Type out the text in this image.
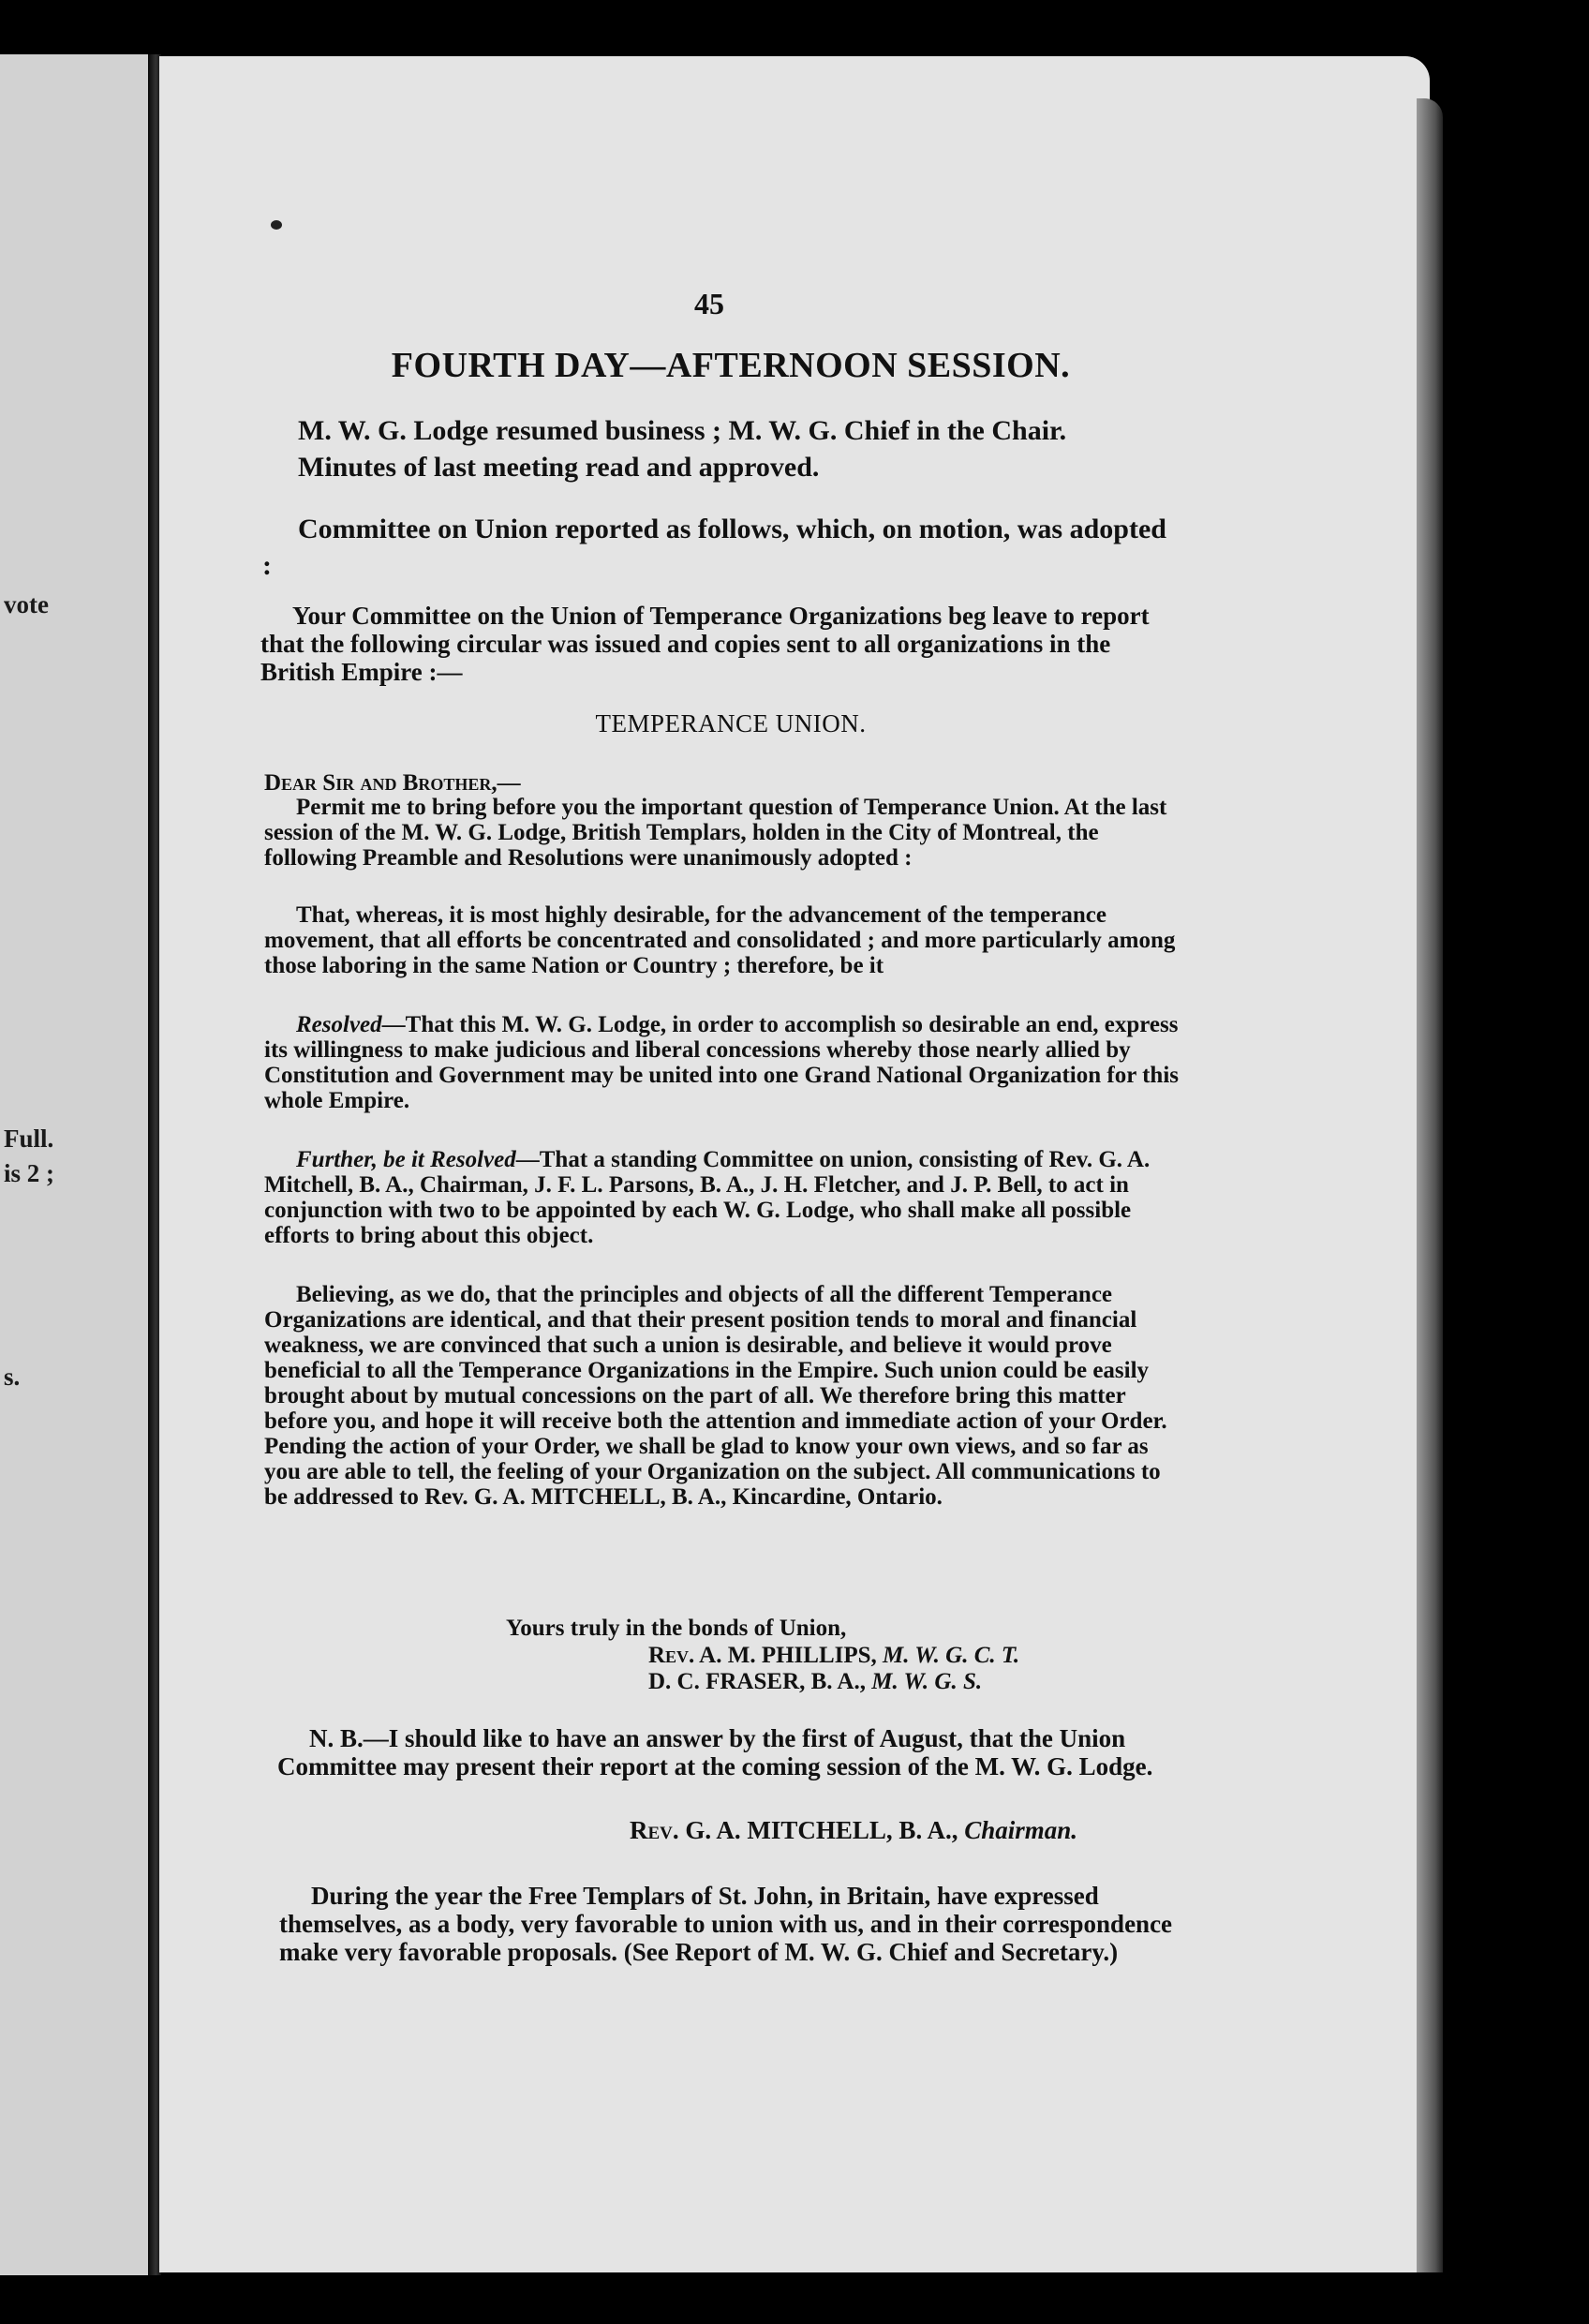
vote
Full.
is 2 ;
s.
45
FOURTH DAY—AFTERNOON SESSION.

M. W. G. Lodge resumed business ; M. W. G. Chief in the Chair. Minutes of last meeting read and approved.

Committee on Union reported as follows, which, on motion, was adopted :

Your Committee on the Union of Temperance Organizations beg leave to report that the following circular was issued and copies sent to all organizations in the British Empire :—

TEMPERANCE UNION.

Dear Sir and Brother,—

Permit me to bring before you the important question of Temperance Union. At the last session of the M. W. G. Lodge, British Templars, holden in the City of Montreal, the following Preamble and Resolutions were unanimously adopted :

That, whereas, it is most highly desirable, for the advancement of the temperance movement, that all efforts be concentrated and consolidated ; and more particularly among those laboring in the same Nation or Country ; therefore, be it

Resolved—That this M. W. G. Lodge, in order to accomplish so desirable an end, express its willingness to make judicious and liberal concessions whereby those nearly allied by Constitution and Government may be united into one Grand National Organization for this whole Empire.

Further, be it Resolved—That a standing Committee on union, consisting of Rev. G. A. Mitchell, B. A., Chairman, J. F. L. Parsons, B. A., J. H. Fletcher, and J. P. Bell, to act in conjunction with two to be appointed by each W. G. Lodge, who shall make all possible efforts to bring about this object.

Believing, as we do, that the principles and objects of all the different Temperance Organizations are identical, and that their present position tends to moral and financial weakness, we are convinced that such a union is desirable, and believe it would prove beneficial to all the Temperance Organizations in the Empire. Such union could be easily brought about by mutual concessions on the part of all. We therefore bring this matter before you, and hope it will receive both the attention and immediate action of your Order. Pending the action of your Order, we shall be glad to know your own views, and so far as you are able to tell, the feeling of your Organization on the subject. All communications to be addressed to Rev. G. A. MITCHELL, B. A., Kincardine, Ontario.

Yours truly in the bonds of Union,
Rev. A. M. PHILLIPS, M. W. G. C. T.
D. C. FRASER, B. A., M. W. G. S.

N. B.—I should like to have an answer by the first of August, that the Union Committee may present their report at the coming session of the M. W. G. Lodge.

Rev. G. A. MITCHELL, B. A., Chairman.

During the year the Free Templars of St. John, in Britain, have expressed themselves, as a body, very favorable to union with us, and in their correspondence make very favorable proposals. (See Report of M. W. G. Chief and Secretary.)
